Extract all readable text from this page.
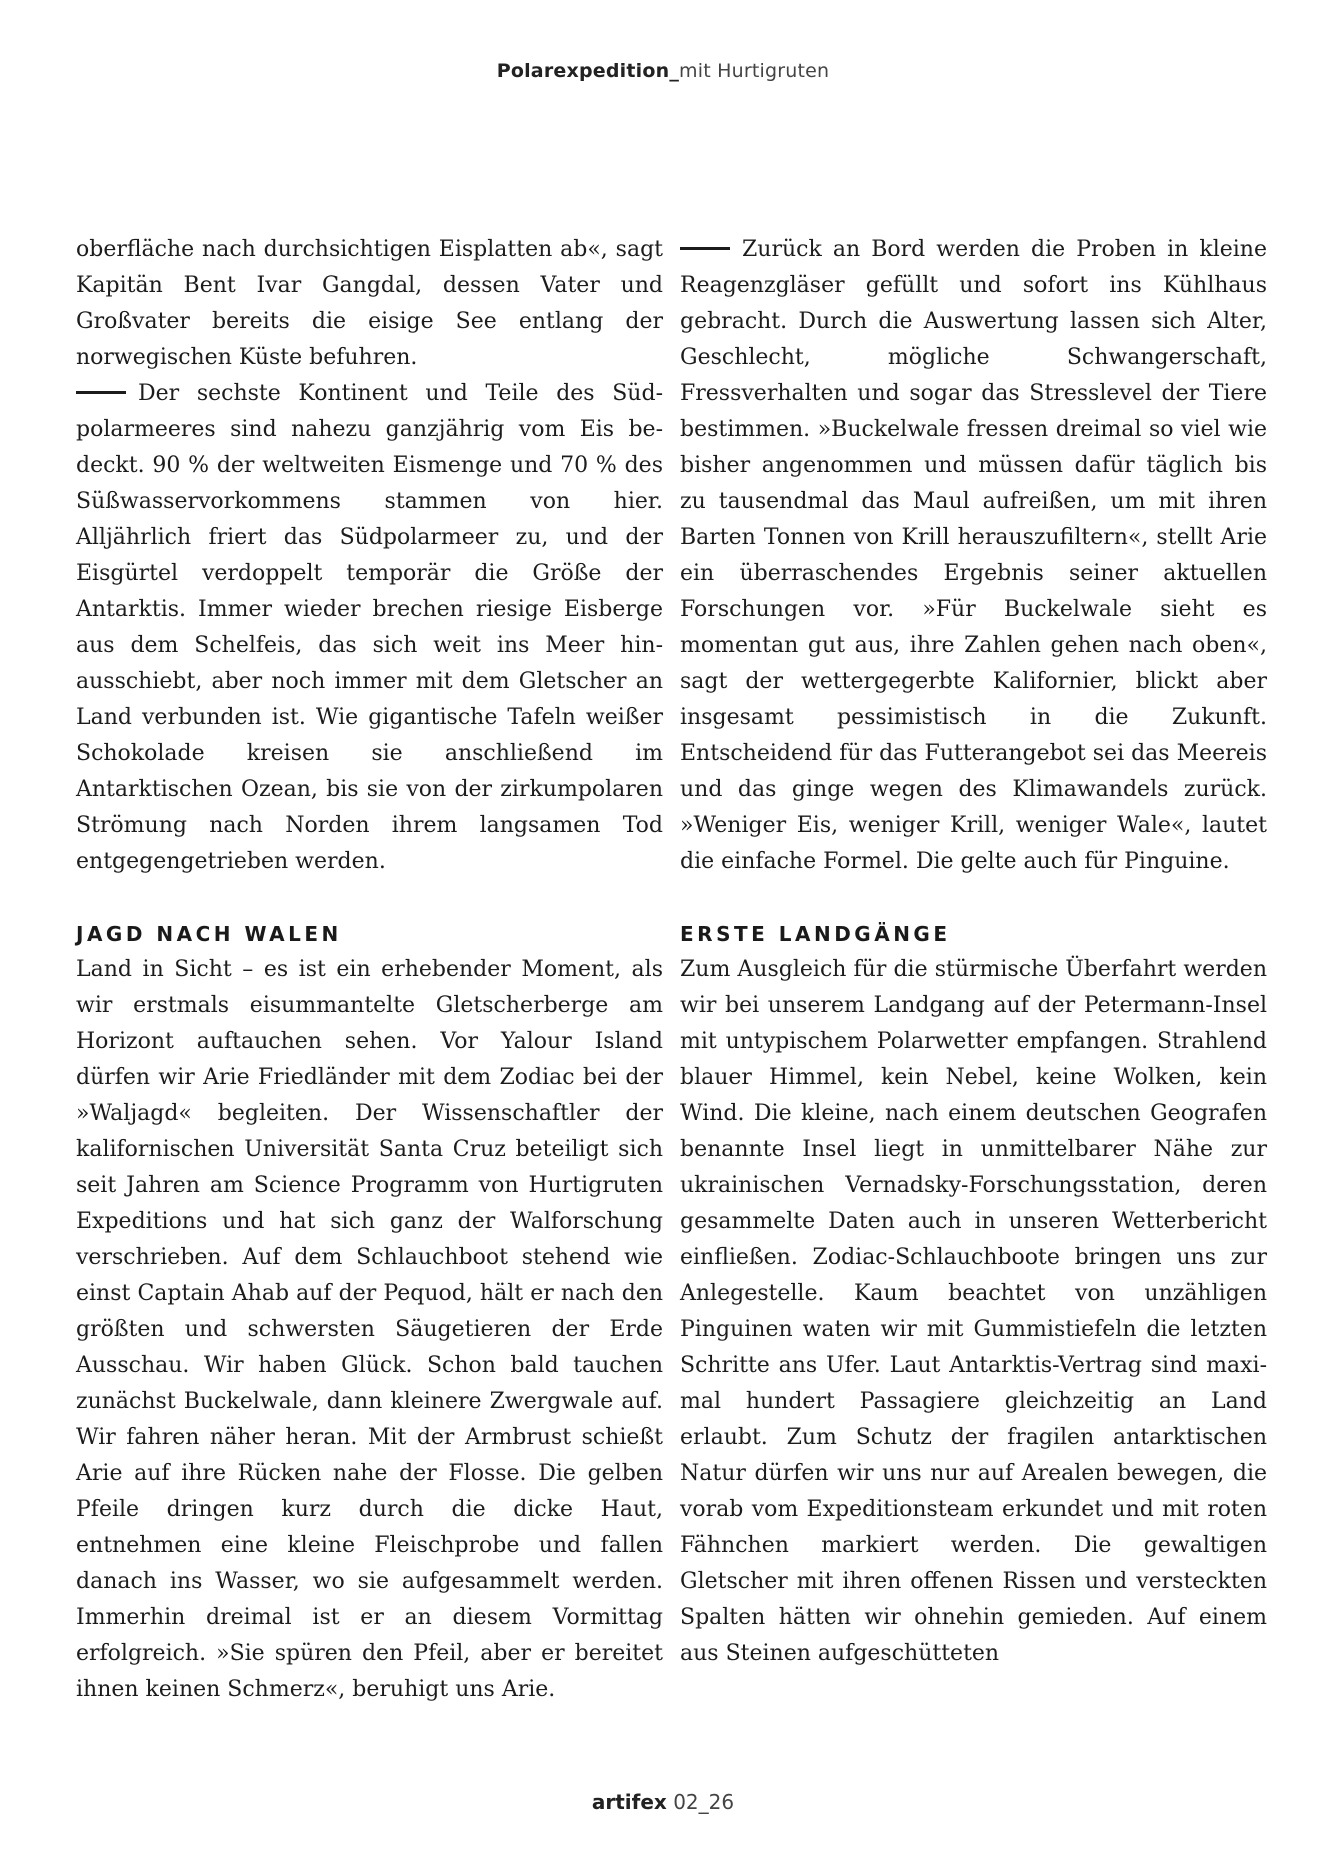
Polarexpedition_mit Hurtigruten

oberfläche nach durchsichtigen Eisplatten ab«, sagt Kapitän Bent Ivar Gangdal, dessen Vater und Großvater bereits die eisige See entlang der norwegischen Küste befuhren.

Der sechste Kontinent und Teile des Südpolarmeeres sind nahezu ganzjährig vom Eis bedeckt. 90 % der weltweiten Eismenge und 70 % des Süßwasservorkommens stammen von hier. Alljährlich friert das Südpolarmeer zu, und der Eisgürtel verdoppelt temporär die Größe der Antarktis. Immer wieder brechen riesige Eisberge aus dem Schelfeis, das sich weit ins Meer hinausschiebt, aber noch immer mit dem Gletscher an Land verbunden ist. Wie gigantische Tafeln weißer Schokolade kreisen sie anschließend im Antarktischen Ozean, bis sie von der zirkumpolaren Strömung nach Norden ihrem langsamen Tod entgegengetrieben werden.

JAGD NACH WALEN

Land in Sicht – es ist ein erhebender Moment, als wir erstmals eisummantelte Gletscherberge am Horizont auftauchen sehen. Vor Yalour Island dürfen wir Arie Friedländer mit dem Zodiac bei der »Waljagd« begleiten. Der Wissenschaftler der kalifornischen Universität Santa Cruz beteiligt sich seit Jahren am Science Programm von Hurtigruten Expeditions und hat sich ganz der Walforschung verschrieben. Auf dem Schlauchboot stehend wie einst Captain Ahab auf der Pequod, hält er nach den größten und schwersten Säugetieren der Erde Ausschau. Wir haben Glück. Schon bald tauchen zunächst Buckelwale, dann kleinere Zwergwale auf. Wir fahren näher heran. Mit der Armbrust schießt Arie auf ihre Rücken nahe der Flosse. Die gelben Pfeile dringen kurz durch die dicke Haut, entnehmen eine kleine Fleischprobe und fallen danach ins Wasser, wo sie aufgesammelt werden. Immerhin dreimal ist er an diesem Vormittag erfolgreich. »Sie spüren den Pfeil, aber er bereitet ihnen keinen Schmerz«, beruhigt uns Arie.

Zurück an Bord werden die Proben in kleine Reagenzgläser gefüllt und sofort ins Kühlhaus gebracht. Durch die Auswertung lassen sich Alter, Geschlecht, mögliche Schwangerschaft, Fressverhalten und sogar das Stresslevel der Tiere bestimmen. »Buckelwale fressen dreimal so viel wie bisher angenommen und müssen dafür täglich bis zu tausendmal das Maul aufreißen, um mit ihren Barten Tonnen von Krill herauszufiltern«, stellt Arie ein überraschendes Ergebnis seiner aktuellen Forschungen vor. »Für Buckelwale sieht es momentan gut aus, ihre Zahlen gehen nach oben«, sagt der wettergegerbte Kalifornier, blickt aber insgesamt pessimistisch in die Zukunft. Entscheidend für das Futterangebot sei das Meereis und das ginge wegen des Klimawandels zurück. »Weniger Eis, weniger Krill, weniger Wale«, lautet die einfache Formel. Die gelte auch für Pinguine.

ERSTE LANDGÄNGE

Zum Ausgleich für die stürmische Überfahrt werden wir bei unserem Landgang auf der Petermann-Insel mit untypischem Polarwetter empfangen. Strahlend blauer Himmel, kein Nebel, keine Wolken, kein Wind. Die kleine, nach einem deutschen Geografen benannte Insel liegt in unmittelbarer Nähe zur ukrainischen Vernadsky-Forschungsstation, deren gesammelte Daten auch in unseren Wetterbericht einfließen. Zodiac-Schlauchboote bringen uns zur Anlegestelle. Kaum beachtet von unzähligen Pinguinen waten wir mit Gummistiefeln die letzten Schritte ans Ufer. Laut Antarktis-Vertrag sind maximal hundert Passagiere gleichzeitig an Land erlaubt. Zum Schutz der fragilen antarktischen Natur dürfen wir uns nur auf Arealen bewegen, die vorab vom Expeditionsteam erkundet und mit roten Fähnchen markiert werden. Die gewaltigen Gletscher mit ihren offenen Rissen und versteckten Spalten hätten wir ohnehin gemieden. Auf einem aus Steinen aufgeschütteten

artifex 02_26
